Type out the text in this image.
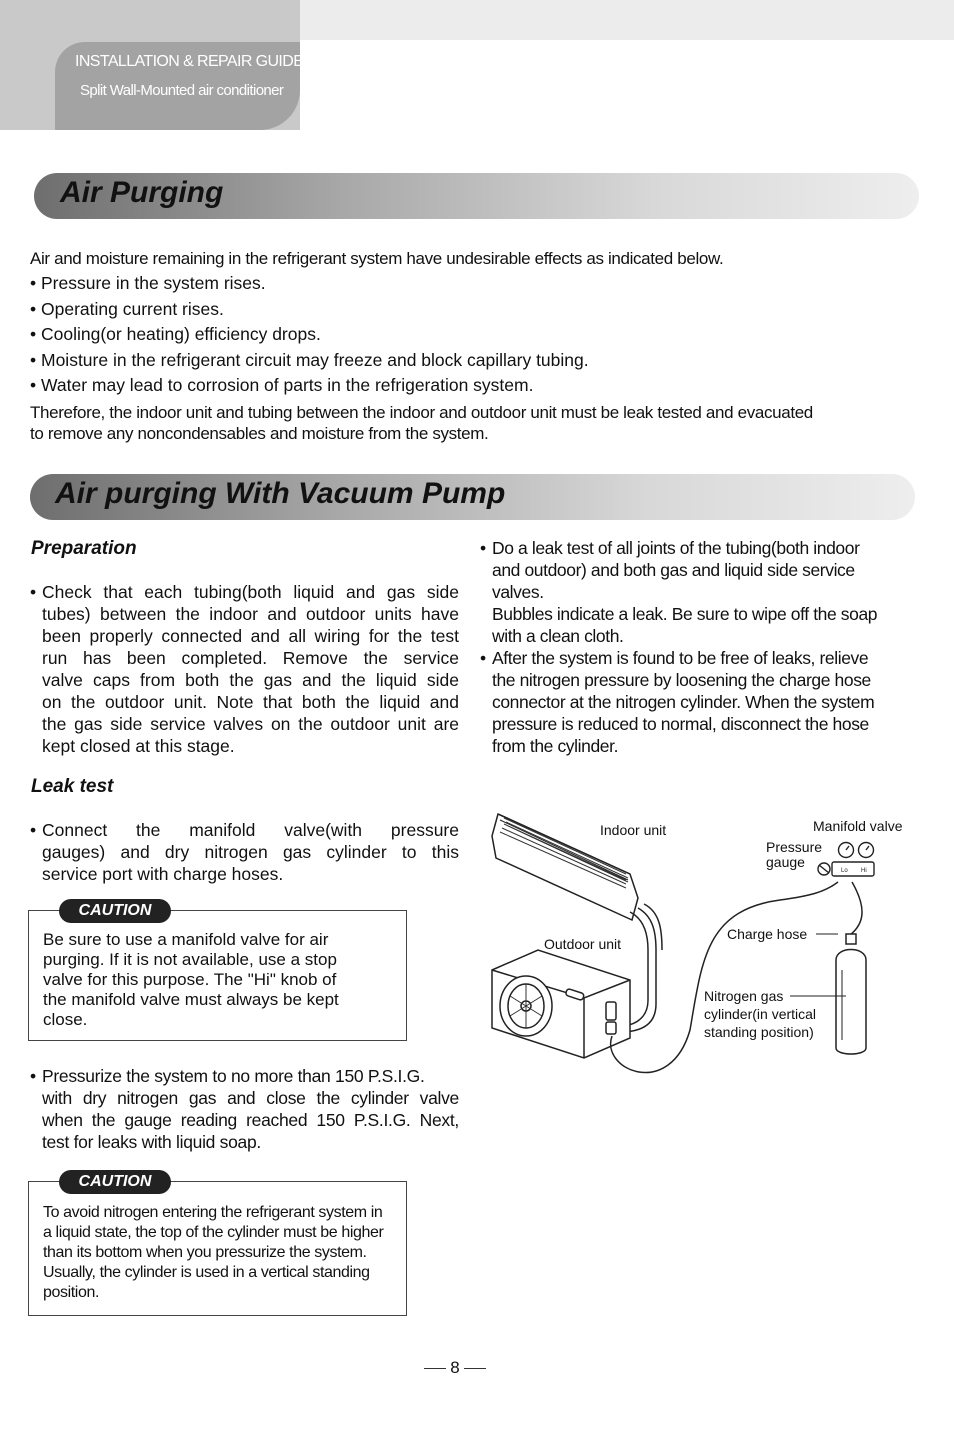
INSTALLATION & REPAIR GUIDE
Split Wall-Mounted air conditioner
Air Purging
Air and moisture remaining in the refrigerant system have undesirable effects as indicated below.
• Pressure in the system rises.
• Operating current rises.
• Cooling(or heating) efficiency drops.
• Moisture in the refrigerant circuit may freeze and block capillary tubing.
• Water may lead to corrosion of parts in the refrigeration system.
Therefore, the indoor unit and tubing between the indoor and outdoor unit must be leak tested and evacuated
to remove any noncondensables and moisture from the system.
Air purging With Vacuum Pump
Preparation
• Check that each tubing(both liquid and gas side
tubes) between the indoor and outdoor units have
been properly connected and all wiring for the test
run has been completed. Remove the service
valve caps from both the gas and the liquid side
on the outdoor unit. Note that both the liquid and
the gas side service valves on the outdoor unit are
kept closed at this stage.
Leak test
• Connect the manifold valve(with pressure
gauges) and dry nitrogen gas cylinder to this
service port with charge hoses.
CAUTION
Be sure to use a manifold valve for air
purging. If it is not available, use a stop
valve for this purpose. The "Hi" knob of
the manifold valve must always be kept
close.
• Pressurize the system to no more than 150 P.S.I.G.
with dry nitrogen gas and close the cylinder valve
when the gauge reading reached 150 P.S.I.G. Next,
test for leaks with liquid soap.
CAUTION
To avoid nitrogen entering the refrigerant system in
a liquid state, the top of the cylinder must be higher
than its bottom when you pressurize the system.
Usually, the cylinder is used in a vertical standing
position.
• Do a leak test of all joints of the tubing(both indoor
and outdoor) and both gas and liquid side service
valves.
Bubbles indicate a leak. Be sure to wipe off the soap
with a clean cloth.
• After the system is found to be free of leaks, relieve
the nitrogen pressure by loosening the charge hose
connector at the nitrogen cylinder. When the system
pressure is reduced to normal, disconnect the hose
from the cylinder.
Lo Hi
Indoor unit	Manifold valve
Pressure
gauge
Outdoor unit
Charge hose
Nitrogen gas
cylinder(in vertical
standing position)
8
